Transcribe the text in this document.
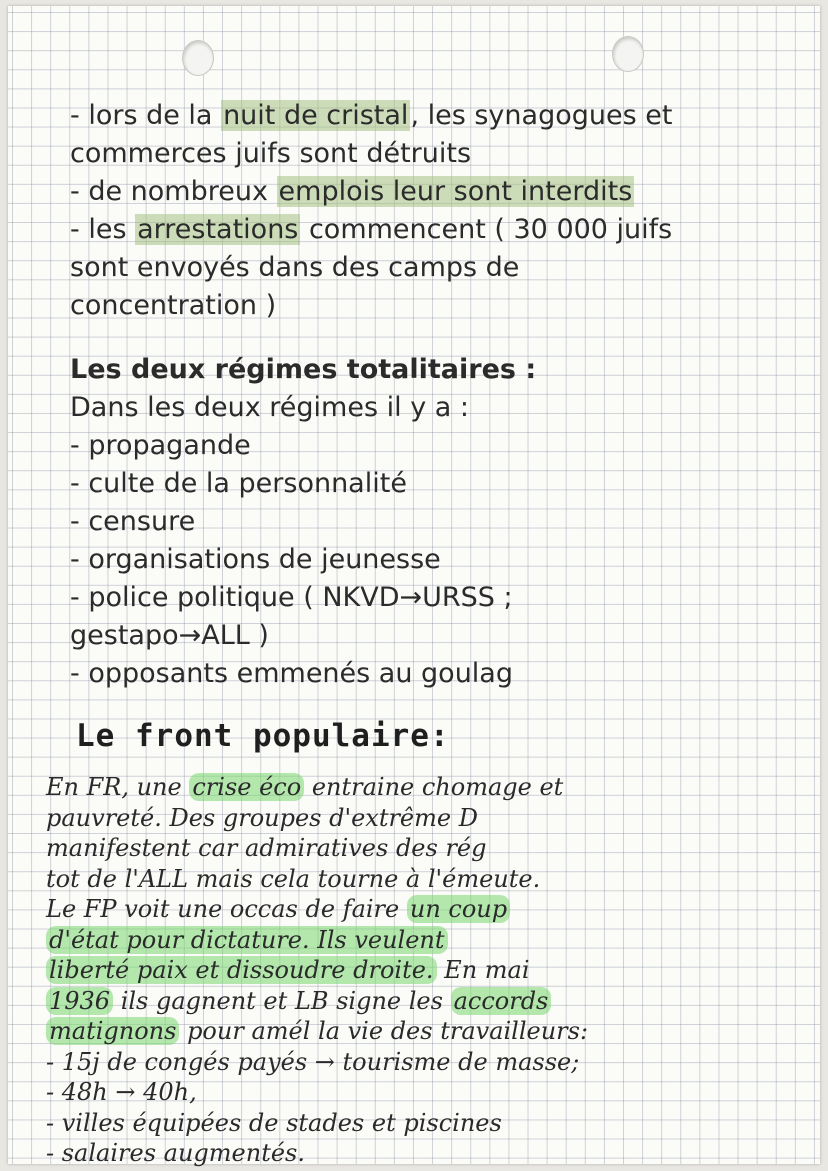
- lors de la nuit de cristal, les synagogues et

commerces juifs sont détruits

- de nombreux emplois leur sont interdits

- les arrestations commencent ( 30 000 juifs

sont envoyés dans des camps de

concentration )

Les deux régimes totalitaires :

Dans les deux régimes il y a :

- propagande

- culte de la personnalité

- censure

- organisations de jeunesse

- police politique ( NKVD→URSS ;

gestapo→ALL )

- opposants emmenés au goulag

Le front populaire:

En FR, une crise éco entraine chomage et

pauvreté. Des groupes d'extrême D

manifestent car admiratives des rég

tot de l'ALL mais cela tourne à l'émeute.

Le FP voit une occas de faire un coup

d'état pour dictature. Ils veulent

liberté paix et dissoudre droite. En mai

1936 ils gagnent et LB signe les accords

matignons pour amél la vie des travailleurs:

- 15j de congés payés → tourisme de masse;

- 48h → 40h,

- villes équipées de stades et piscines

- salaires augmentés.
